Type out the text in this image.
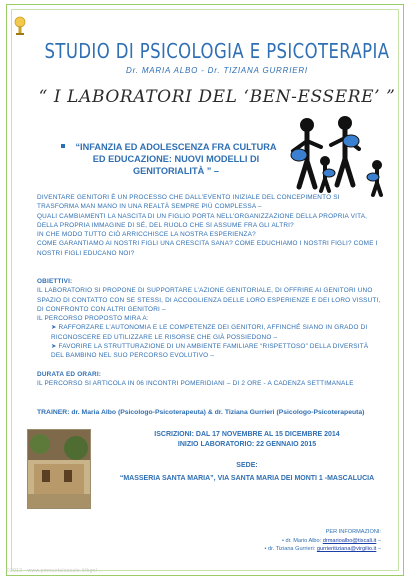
STUDIO DI PSICOLOGIA E PSICOTERAPIA
Dr. MARIA ALBO - Dr. TIZIANA GURRIERI
“ I LABORATORI DEL ‘BEN-ESSERE’ ”
“INFANZIA ED ADOLESCENZA FRA CULTURA ED EDUCAZIONE: NUOVI MODELLI DI GENITORIALITÀ ” –

DIVENTARE GENITORI È UN PROCESSO CHE DALL’EVENTO INIZIALE DEL CONCEPIMENTO SI TRASFORMA MAN MANO IN UNA REALTÀ SEMPRE PIÙ COMPLESSA –

QUALI CAMBIAMENTI LA NASCITA DI UN FIGLIO PORTA NELL’ORGANIZZAZIONE DELLA PROPRIA VITA, DELLA PROPRIA IMMAGINE DI SÉ, DEL RUOLO CHE SI ASSUME FRA GLI ALTRI?

IN CHE MODO TUTTO CIÒ ARRICCHISCE LA NOSTRA ESPERIENZA?

COME GARANTIAMO AI NOSTRI FIGLI UNA CRESCITA SANA? COME EDUCHIAMO I NOSTRI FIGLI? COME I NOSTRI FIGLI EDUCANO NOI?

OBIETTIVI:

IL LABORATORIO SI PROPONE DI SUPPORTARE L’AZIONE GENITORIALE, DI OFFRIRE AI GENITORI UNO SPAZIO DI CONTATTO CON SE STESSI, DI ACCOGLIENZA DELLE LORO ESPERIENZE E DEI LORO VISSUTI, DI CONFRONTO CON ALTRI GENITORI –

IL PERCORSO PROPOSTO MIRA A:

➤ RAFFORZARE L’AUTONOMIA E LE COMPETENZE DEI GENITORI, AFFINCHÉ SIANO IN GRADO DI RICONOSCERE ED UTILIZZARE LE RISORSE CHE GIÀ POSSIEDONO –

➤ FAVORIRE LA STRUTTURAZIONE DI UN AMBIENTE FAMILIARE “RISPETTOSO” DELLA DIVERSITÀ DEL BAMBINO NEL SUO PERCORSO EVOLUTIVO –

DURATA ED ORARI:

IL PERCORSO SI ARTICOLA IN 06 INCONTRI POMERIDIANI – DI 2 ORE - A CADENZA SETTIMANALE

TRAINER: dr. Maria Albo (Psicologo-Psicoterapeuta) & dr. Tiziana Gurrieri (Psicologo-Psicoterapeuta)
ISCRIZIONI: DAL 17 NOVEMBRE AL 15 DICEMBRE 2014
INIZIO LABORATORIO: 22 GENNAIO 2015
SEDE:
“MASSERIA SANTA MARIA”, VIA SANTA MARIA DEI MONTI 1 -MASCALUCIA
PER INFORMAZIONI:
• dr. Mario Albo: drmarioalbo@tiscali.it –
• dr. Tiziana Gurrieri: gurrieritiziana@virgilio.it –
©2013 - www.pmnuetalescale.it/bgn/...
